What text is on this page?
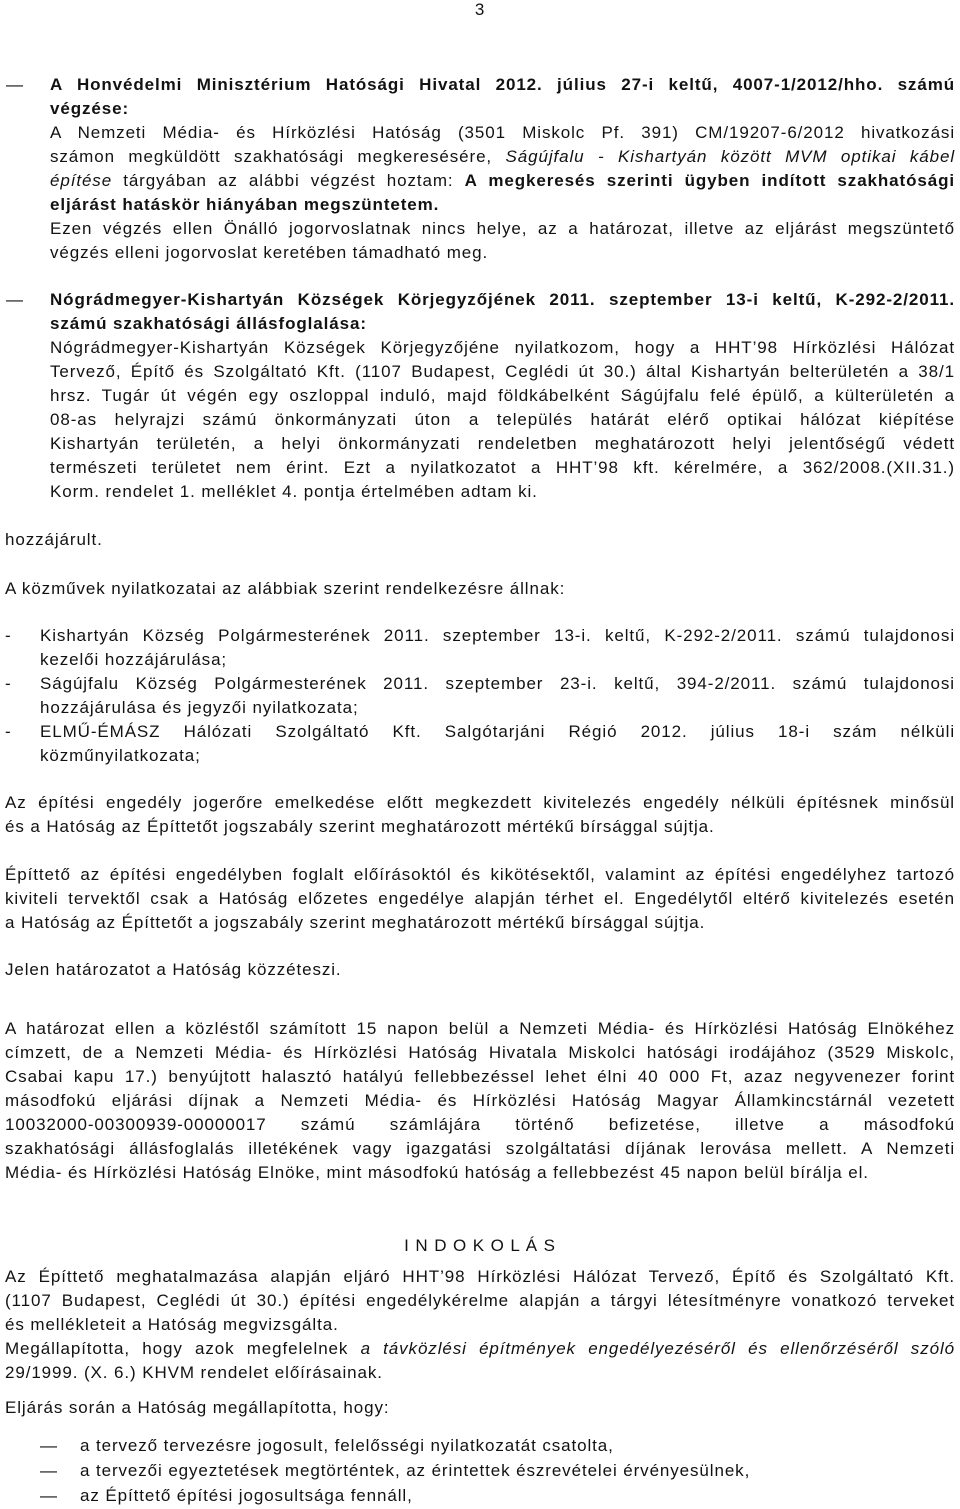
3
— A Honvédelmi Minisztérium Hatósági Hivatal 2012. július 27-i keltű, 4007-1/2012/hho. számú
végzése:
A Nemzeti Média- és Hírközlési Hatóság (3501 Miskolc Pf. 391) CM/19207-6/2012 hivatkozási
számon megküldött szakhatósági megkeresésére, Ságújfalu - Kishartyán között MVM optikai kábel
építése tárgyában az alábbi végzést hoztam: A megkeresés szerinti ügyben indított szakhatósági
eljárást hatáskör hiányában megszüntetem.
Ezen végzés ellen Önálló jogorvoslatnak nincs helye, az a határozat, illetve az eljárást megszüntető
végzés elleni jogorvoslat keretében támadható meg.
— Nógrádmegyer-Kishartyán Községek Körjegyzőjének 2011. szeptember 13-i keltű, K-292-2/2011.
számú szakhatósági állásfoglalása:
Nógrádmegyer-Kishartyán Községek Körjegyzőjéne nyilatkozom, hogy a HHT’98 Hírközlési Hálózat
Tervező, Építő és Szolgáltató Kft. (1107 Budapest, Ceglédi út 30.) által Kishartyán belterületén a 38/1
hrsz. Tugár út végén egy oszloppal induló, majd földkábelként Ságújfalu felé épülő, a külterületén a
08-as helyrajzi számú önkormányzati úton a település határát elérő optikai hálózat kiépítése
Kishartyán területén, a helyi önkormányzati rendeletben meghatározott helyi jelentőségű védett
természeti területet nem érint. Ezt a nyilatkozatot a HHT’98 kft. kérelmére, a 362/2008.(XII.31.)
Korm. rendelet 1. melléklet 4. pontja értelmében adtam ki.
hozzájárult.
A közművek nyilatkozatai az alábbiak szerint rendelkezésre állnak:
- Kishartyán Község Polgármesterének 2011. szeptember 13-i. keltű, K-292-2/2011. számú tulajdonosi
kezelői hozzájárulása;
- Ságújfalu Község Polgármesterének 2011. szeptember 23-i. keltű, 394-2/2011. számú tulajdonosi
hozzájárulása és jegyzői nyilatkozata;
- ELMŰ-ÉMÁSZ Hálózati Szolgáltató Kft. Salgótarjáni Régió 2012. július 18-i szám nélküli
közműnyilatkozata;
Az építési engedély jogerőre emelkedése előtt megkezdett kivitelezés engedély nélküli építésnek minősül
és a Hatóság az Építtetőt jogszabály szerint meghatározott mértékű bírsággal sújtja.
Építtető az építési engedélyben foglalt előírásoktól és kikötésektől, valamint az építési engedélyhez tartozó
kiviteli tervektől csak a Hatóság előzetes engedélye alapján térhet el. Engedélytől eltérő kivitelezés esetén
a Hatóság az Építtetőt a jogszabály szerint meghatározott mértékű bírsággal sújtja.
Jelen határozatot a Hatóság közzéteszi.
A határozat ellen a közléstől számított 15 napon belül a Nemzeti Média- és Hírközlési Hatóság Elnökéhez
címzett, de a Nemzeti Média- és Hírközlési Hatóság Hivatala Miskolci hatósági irodájához (3529 Miskolc,
Csabai kapu 17.) benyújtott halasztó hatályú fellebbezéssel lehet élni 40 000 Ft, azaz negyvenezer forint
másodfokú eljárási díjnak a Nemzeti Média- és Hírközlési Hatóság Magyar Államkincstárnál vezetett
10032000-00300939-00000017 számú számlájára történő befizetése, illetve a másodfokú
szakhatósági állásfoglalás illetékének vagy igazgatási szolgáltatási díjának lerovása mellett. A Nemzeti
Média- és Hírközlési Hatóság Elnöke, mint másodfokú hatóság a fellebbezést 45 napon belül bírálja el.
I N D O K O L Á S
Az Építtető meghatalmazása alapján eljáró HHT’98 Hírközlési Hálózat Tervező, Építő és Szolgáltató Kft.
(1107 Budapest, Ceglédi út 30.) építési engedélykérelme alapján a tárgyi létesítményre vonatkozó terveket
és mellékleteit a Hatóság megvizsgálta.
Megállapította, hogy azok megfelelnek a távközlési építmények engedélyezéséről és ellenőrzéséről szóló
29/1999. (X. 6.) KHVM rendelet előírásainak.
Eljárás során a Hatóság megállapította, hogy:
— a tervező tervezésre jogosult, felelősségi nyilatkozatát csatolta,
— a tervezői egyeztetések megtörténtek, az érintettek észrevételei érvényesülnek,
— az Építtető építési jogosultsága fennáll,
